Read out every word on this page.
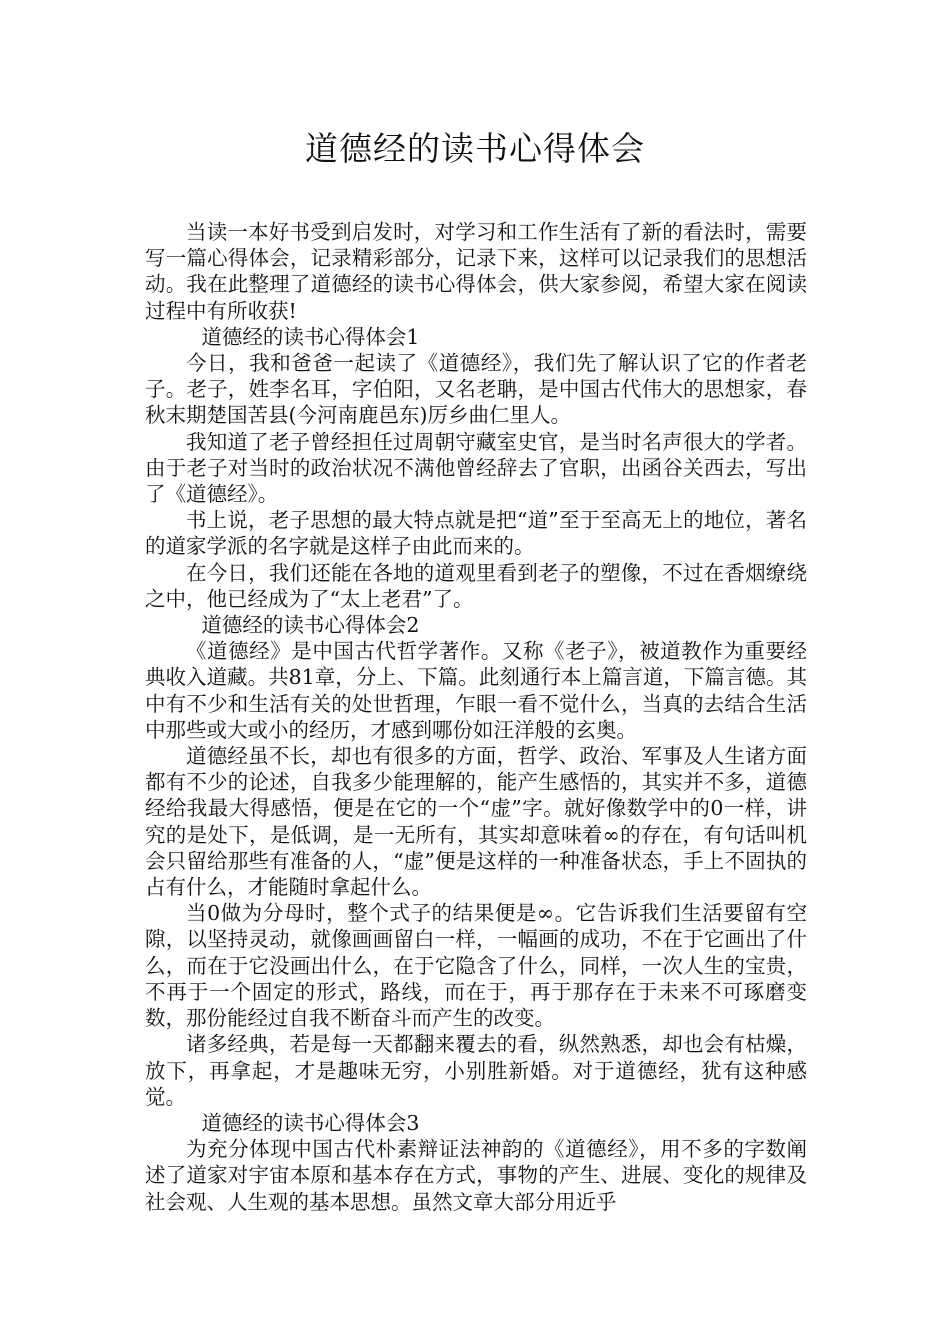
道德经的读书心得体会

当读一本好书受到启发时，对学习和工作生活有了新的看法时，需要写一篇心得体会，记录精彩部分，记录下来，这样可以记录我们的思想活动。我在此整理了道德经的读书心得体会，供大家参阅，希望大家在阅读过程中有所收获!

道德经的读书心得体会1

今日，我和爸爸一起读了《道德经》，我们先了解认识了它的作者老子。老子，姓李名耳，字伯阳，又名老聃，是中国古代伟大的思想家，春秋末期楚国苦县(今河南鹿邑东)厉乡曲仁里人。

我知道了老子曾经担任过周朝守藏室史官，是当时名声很大的学者。由于老子对当时的政治状况不满他曾经辞去了官职，出函谷关西去，写出了《道德经》。

书上说，老子思想的最大特点就是把“道”至于至高无上的地位，著名的道家学派的名字就是这样子由此而来的。

在今日，我们还能在各地的道观里看到老子的塑像，不过在香烟缭绕之中，他已经成为了“太上老君”了。

道德经的读书心得体会2

《道德经》是中国古代哲学著作。又称《老子》，被道教作为重要经典收入道藏。共81章，分上、下篇。此刻通行本上篇言道，下篇言德。其中有不少和生活有关的处世哲理，乍眼一看不觉什么，当真的去结合生活中那些或大或小的经历，才感到哪份如汪洋般的玄奥。

道德经虽不长，却也有很多的方面，哲学、政治、军事及人生诸方面都有不少的论述，自我多少能理解的，能产生感悟的，其实并不多，道德经给我最大得感悟，便是在它的一个“虚”字。就好像数学中的0一样，讲究的是处下，是低调，是一无所有，其实却意味着∞的存在，有句话叫机会只留给那些有准备的人，“虚”便是这样的一种准备状态，手上不固执的占有什么，才能随时拿起什么。

当0做为分母时，整个式子的结果便是∞。它告诉我们生活要留有空隙，以坚持灵动，就像画画留白一样，一幅画的成功，不在于它画出了什么，而在于它没画出什么，在于它隐含了什么，同样，一次人生的宝贵，不再于一个固定的形式，路线，而在于，再于那存在于未来不可琢磨变数，那份能经过自我不断奋斗而产生的改变。

诸多经典，若是每一天都翻来覆去的看，纵然熟悉，却也会有枯燥，放下，再拿起，才是趣味无穷，小别胜新婚。对于道德经，犹有这种感觉。

道德经的读书心得体会3

为充分体现中国古代朴素辩证法神韵的《道德经》，用不多的字数阐述了道家对宇宙本原和基本存在方式，事物的产生、进展、变化的规律及社会观、人生观的基本思想。虽然文章大部分用近乎
